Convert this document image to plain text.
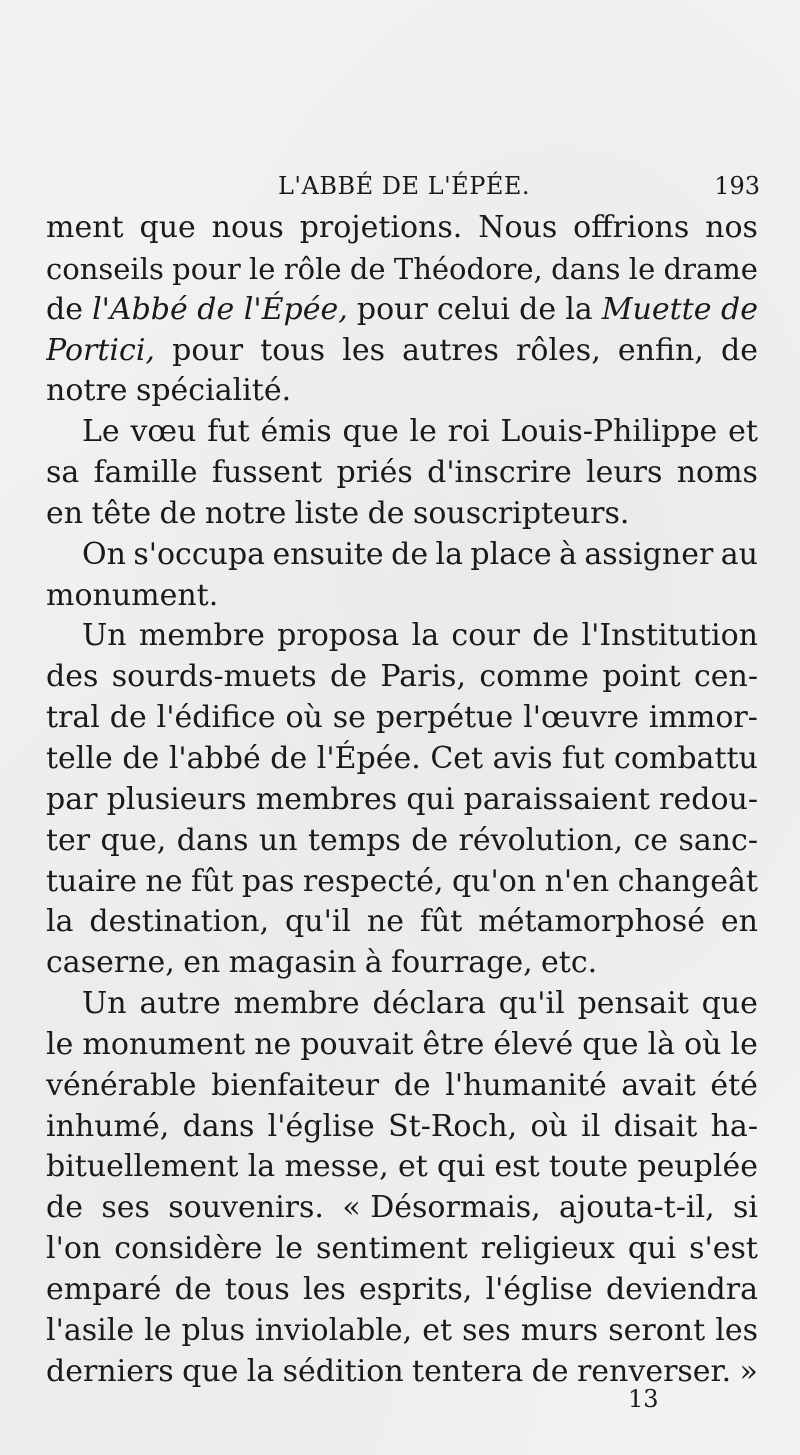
L'ABBÉ DE L'ÉPÉE.	193
ment que nous projetions. Nous offrions nos
conseils pour le rôle de Théodore, dans le drame
de l'Abbé de l'Épée, pour celui de la Muette de
Portici, pour tous les autres rôles, enfin, de
notre spécialité.
Le vœu fut émis que le roi Louis-Philippe et
sa famille fussent priés d'inscrire leurs noms
en tête de notre liste de souscripteurs.
On s'occupa ensuite de la place à assigner au
monument.
Un membre proposa la cour de l'Institution
des sourds-muets de Paris, comme point cen-
tral de l'édifice où se perpétue l'œuvre immor-
telle de l'abbé de l'Épée. Cet avis fut combattu
par plusieurs membres qui paraissaient redou-
ter que, dans un temps de révolution, ce sanc-
tuaire ne fût pas respecté, qu'on n'en changeât
la destination, qu'il ne fût métamorphosé en
caserne, en magasin à fourrage, etc.
Un autre membre déclara qu'il pensait que
le monument ne pouvait être élevé que là où le
vénérable bienfaiteur de l'humanité avait été
inhumé, dans l'église St-Roch, où il disait ha-
bituellement la messe, et qui est toute peuplée
de ses souvenirs. « Désormais, ajouta-t-il, si
l'on considère le sentiment religieux qui s'est
emparé de tous les esprits, l'église deviendra
l'asile le plus inviolable, et ses murs seront les
derniers que la sédition tentera de renverser. »
13
